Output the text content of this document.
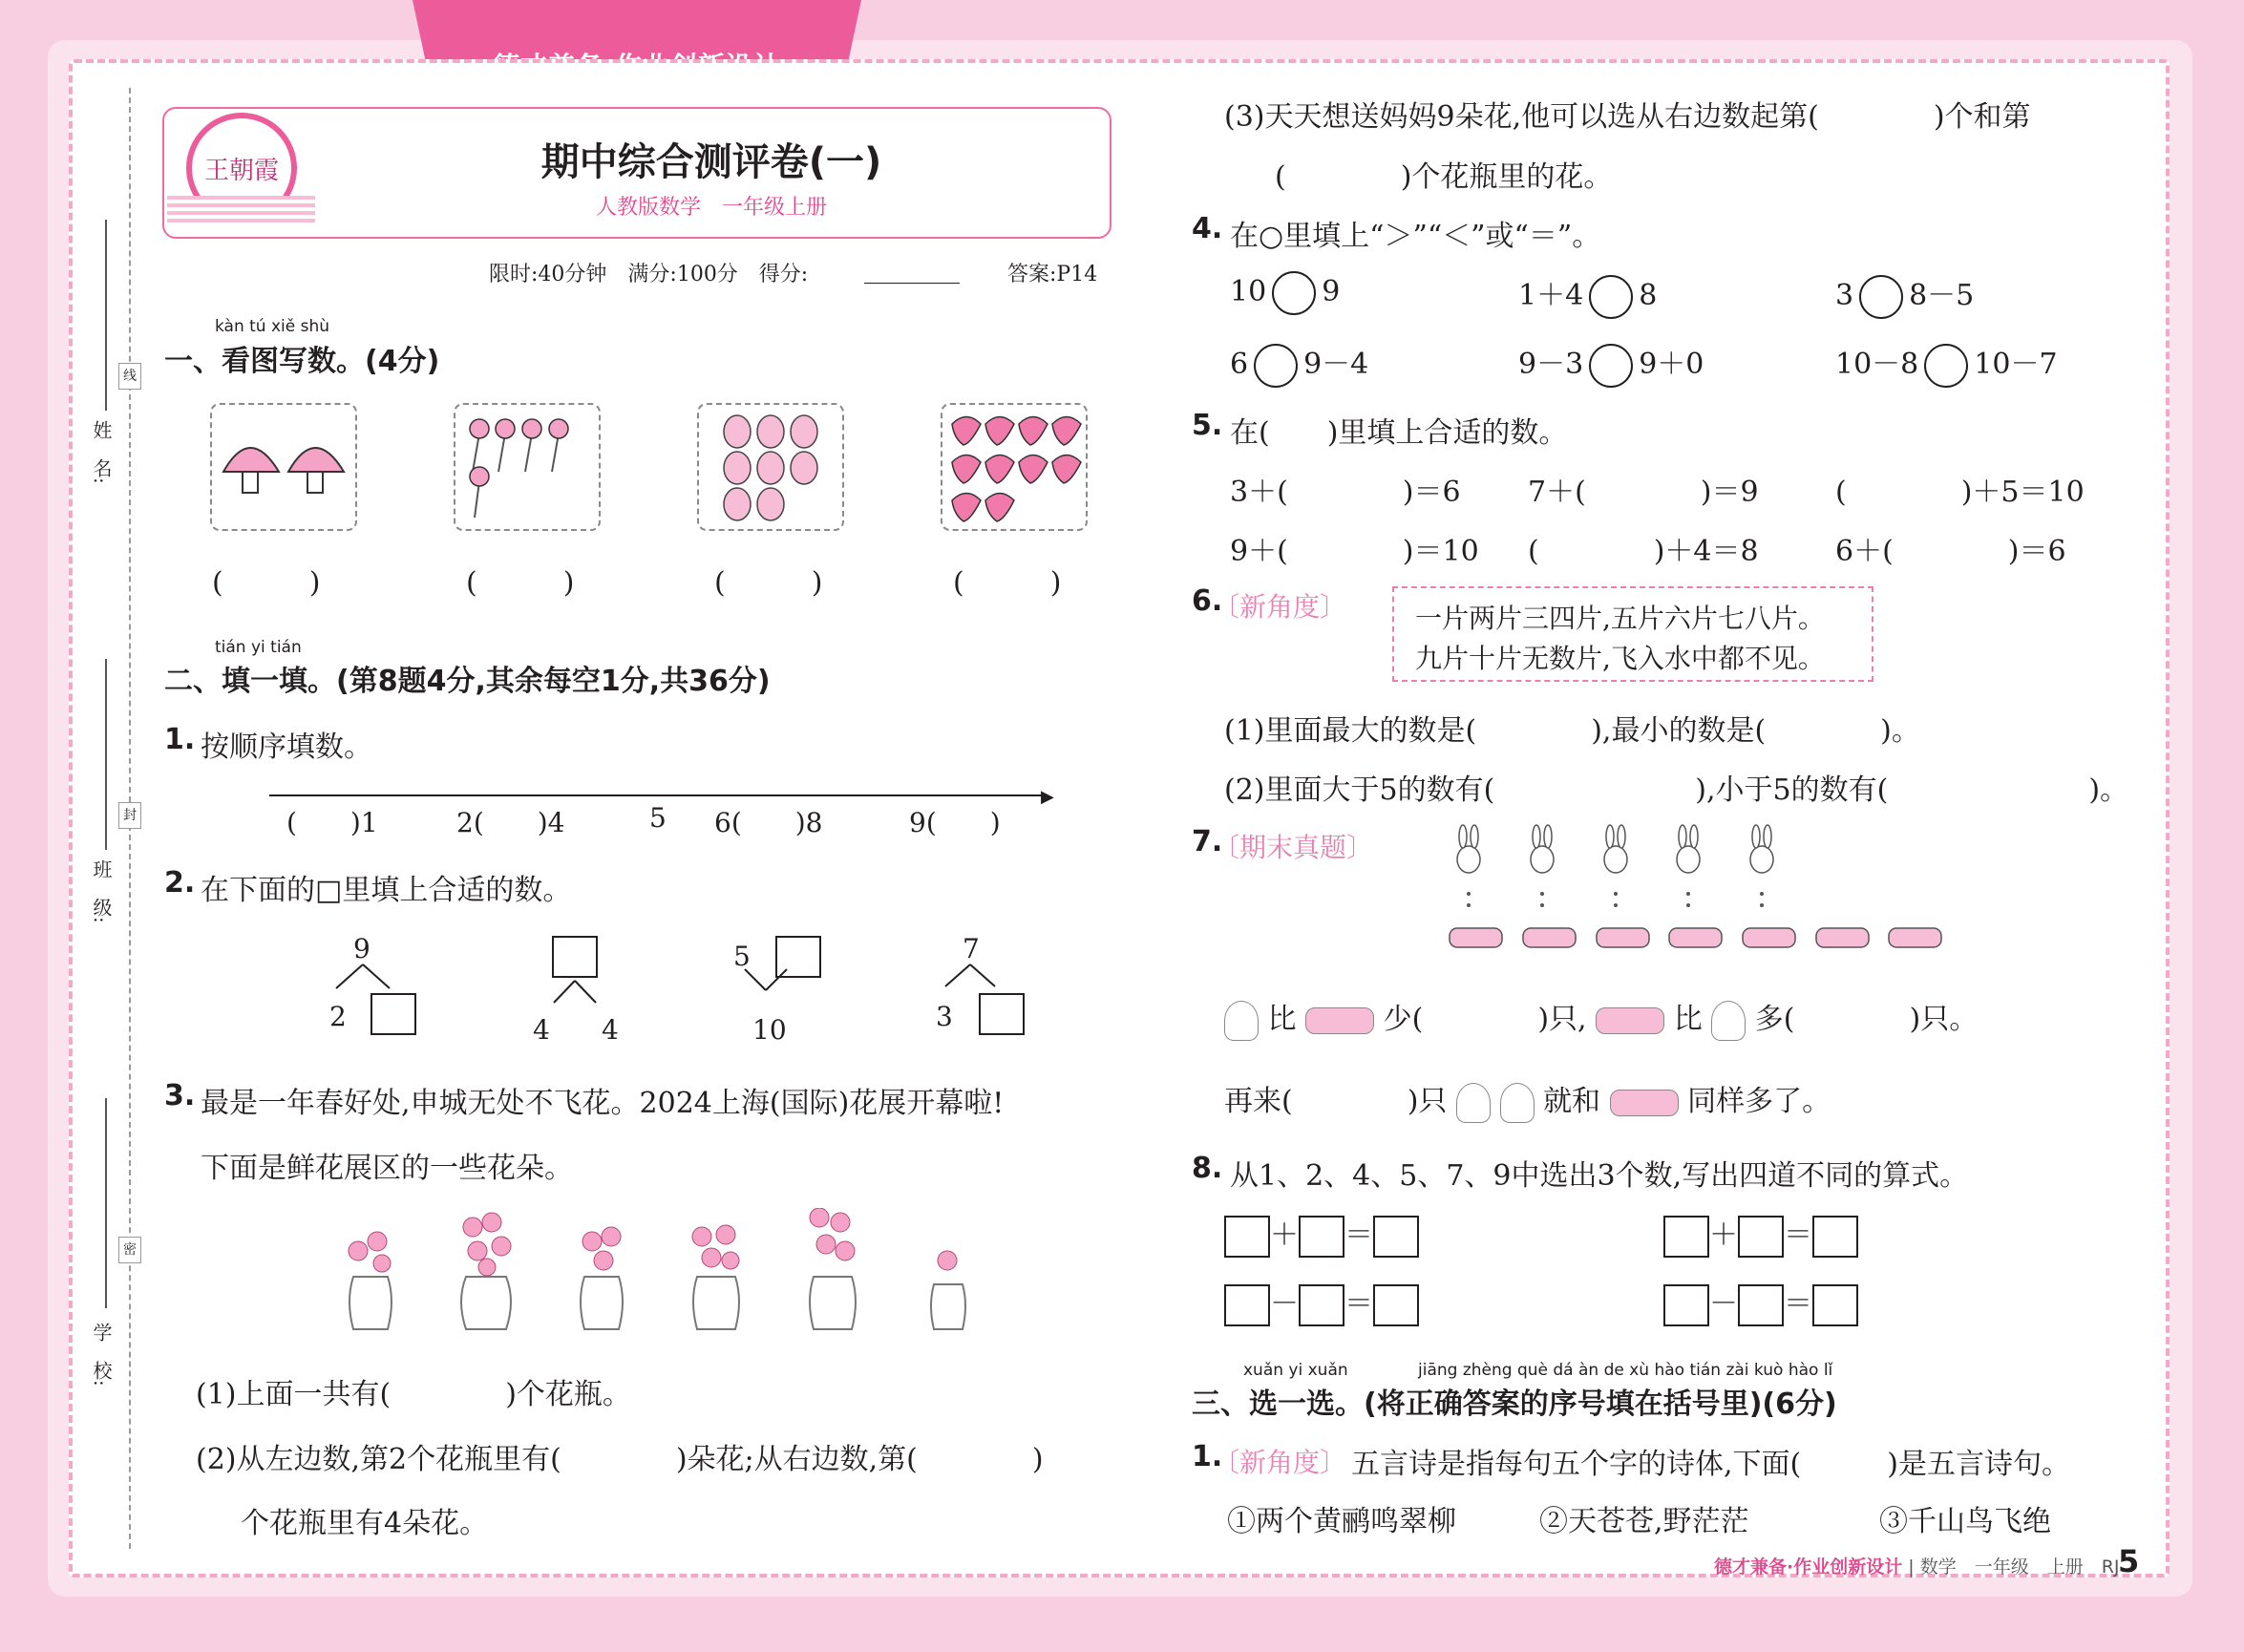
线
封
密
姓　名:
班　级:
学　校:
王朝霞	期中综合测评卷(一)
人教版数学　一年级上册
限时:40分钟　满分:100分　得分:	答案:P14
kàn tú xiě shù
一、看图写数。(4分)
(　　　)	(　　　)	(　　　)	(　　　)
tián yi tián
二、填一填。(第8题4分,其余每空1分,共36分)
1. 按顺序填数。
▶
(　　)1	2(　　)4	5 6(　　)8	9(　　)
2. 在下面的□里填上合适的数。
9
2	4 4
5
10
7
3
3. 最是一年春好处,申城无处不飞花。2024上海(国际)花展开幕啦!
下面是鲜花展区的一些花朵。
(1)上面一共有(　　　　)个花瓶。
(2)从左边数,第2个花瓶里有(　　　　)朵花;从右边数,第(　　　　)
个花瓶里有4朵花。
(3)天天想送妈妈9朵花,他可以选从右边数起第(　　　　)个和第
(　　　　)个花瓶里的花。
4. 在○里填上“＞”“＜”或“＝”。
10 9	1＋4 8	3 8－5
6 9－4	9－3 9＋0	10－8 10－7
5. 在(　　)里填上合适的数。
3＋(　　　　)＝6 7＋(　　　　)＝9	(　　　　)＋5＝10
9＋(　　　　)＝10 (　　　　)＋4＝8	6＋(　　　　)＝6
6.
〔新角度〕	一片两片三四片,五片六片七八片。
九片十片无数片,飞入水中都不见。
(1)里面最大的数是(　　　　),最小的数是(　　　　)。
(2)里面大于5的数有(　　　　　　　),小于5的数有(　　　　　　　)。
7.
〔期末真题〕
比	少(　　　　)只,	比 多(　　　　)只。
再来(　　　　)只	就和	同样多了。
8. 从1、2、4、5、7、9中选出3个数,写出四道不同的算式。
＋ ＝	＋ ＝
－ ＝	－ ＝
xuǎn yi xuǎn	jiāng zhèng què dá àn de xù hào tián zài kuò hào lǐ
三、选一选。(将正确答案的序号填在括号里)(6分)
1.
〔新角度〕 五言诗是指每句五个字的诗体,下面(　　　)是五言诗句。
①两个黄鹂鸣翠柳	②天苍苍,野茫茫	③千山鸟飞绝
德才兼备·作业创新设计 | 数学　一年级　上册　RJ
5
